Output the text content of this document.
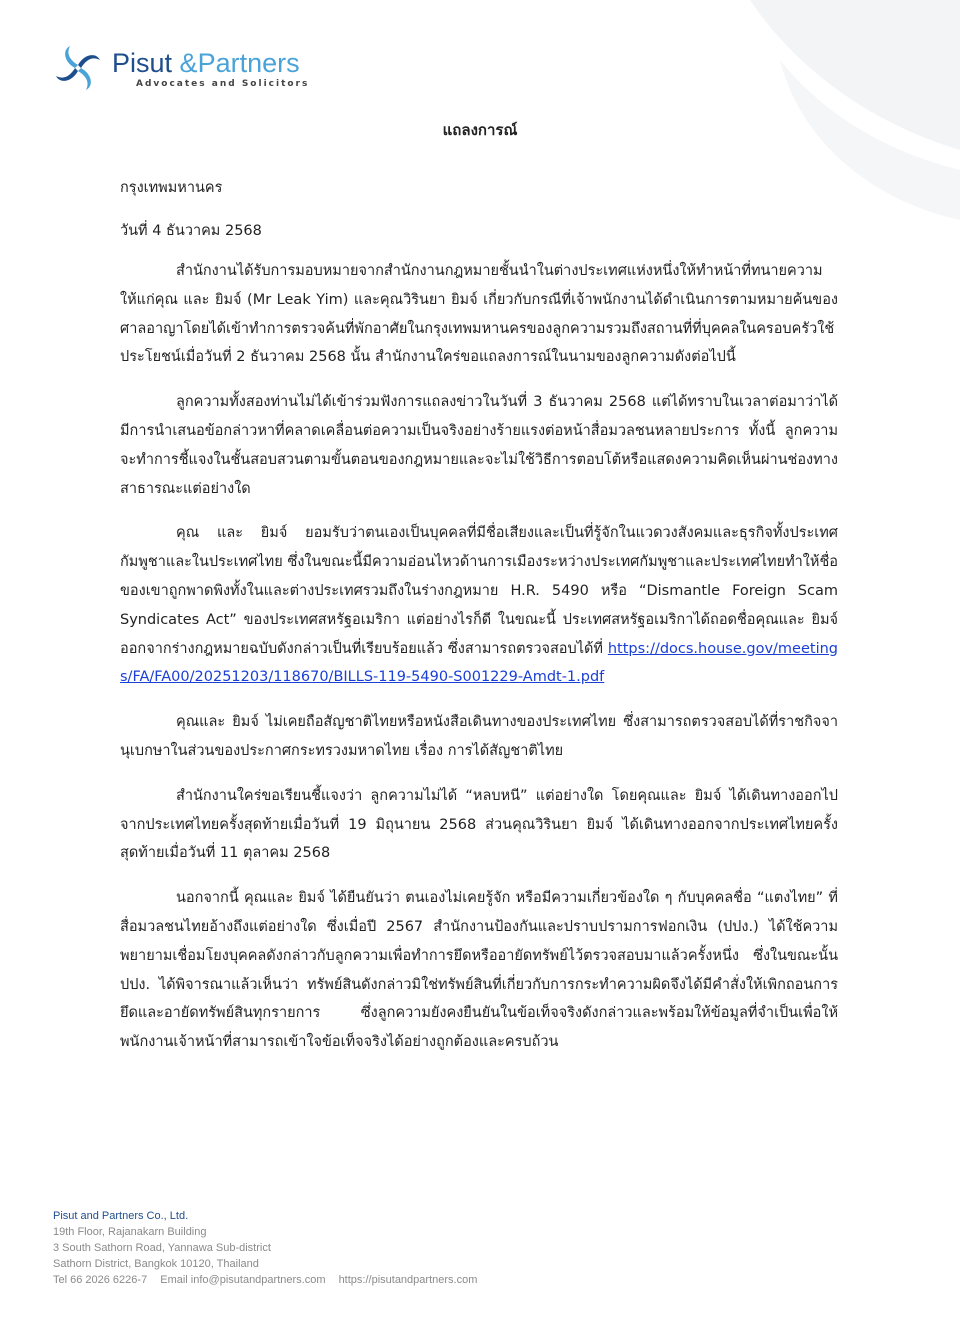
Pisut &Partners
Advocates and Solicitors
แถลงการณ์
กรุงเทพมหานคร
วันที่ 4 ธันวาคม 2568

สำนักงานได้รับการมอบหมายจากสำนักงานกฎหมายชั้นนำในต่างประเทศแห่งหนึ่งให้ทำหน้าที่ทนายความให้แก่คุณ และ ยิมจ์ (Mr Leak Yim) และคุณวิรินยา ยิมจ์ เกี่ยวกับกรณีที่เจ้าพนักงานได้ดำเนินการตามหมายค้นของศาลอาญาโดยได้เข้าทำการตรวจค้นที่พักอาศัยในกรุงเทพมหานครของลูกความรวมถึงสถานที่ที่บุคคลในครอบครัวใช้ประโยชน์เมื่อวันที่ 2 ธันวาคม 2568 นั้น สำนักงานใคร่ขอแถลงการณ์ในนามของลูกความดังต่อไปนี้

ลูกความทั้งสองท่านไม่ได้เข้าร่วมฟังการแถลงข่าวในวันที่ 3 ธันวาคม 2568 แต่ได้ทราบในเวลาต่อมาว่าได้มีการนำเสนอข้อกล่าวหาที่คลาดเคลื่อนต่อความเป็นจริงอย่างร้ายแรงต่อหน้าสื่อมวลชนหลายประการ ทั้งนี้ ลูกความจะทำการชี้แจงในชั้นสอบสวนตามขั้นตอนของกฎหมายและจะไม่ใช้วิธีการตอบโต้หรือแสดงความคิดเห็นผ่านช่องทางสาธารณะแต่อย่างใด

คุณ และ ยิมจ์ ยอมรับว่าตนเองเป็นบุคคลที่มีชื่อเสียงและเป็นที่รู้จักในแวดวงสังคมและธุรกิจทั้งประเทศกัมพูชาและในประเทศไทย ซึ่งในขณะนี้มีความอ่อนไหวด้านการเมืองระหว่างประเทศกัมพูชาและประเทศไทยทำให้ชื่อของเขาถูกพาดพิงทั้งในและต่างประเทศรวมถึงในร่างกฎหมาย H.R. 5490 หรือ “Dismantle Foreign Scam Syndicates Act” ของประเทศสหรัฐอเมริกา แต่อย่างไรก็ดี ในขณะนี้ ประเทศสหรัฐอเมริกาได้ถอดชื่อคุณและ ยิมจ์ ออกจากร่างกฎหมายฉบับดังกล่าวเป็นที่เรียบร้อยแล้ว ซึ่งสามารถตรวจสอบได้ที่ https://docs.house.gov/meetings/FA/FA00/20251203/118670/BILLS-119-5490-S001229-Amdt-1.pdf

คุณและ ยิมจ์ ไม่เคยถือสัญชาติไทยหรือหนังสือเดินทางของประเทศไทย ซึ่งสามารถตรวจสอบได้ที่ราชกิจจานุเบกษาในส่วนของประกาศกระทรวงมหาดไทย เรื่อง การได้สัญชาติไทย

สำนักงานใคร่ขอเรียนชี้แจงว่า ลูกความไม่ได้ “หลบหนี” แต่อย่างใด โดยคุณและ ยิมจ์ ได้เดินทางออกไปจากประเทศไทยครั้งสุดท้ายเมื่อวันที่ 19 มิถุนายน 2568 ส่วนคุณวิรินยา ยิมจ์ ได้เดินทางออกจากประเทศไทยครั้งสุดท้ายเมื่อวันที่ 11 ตุลาคม 2568

นอกจากนี้ คุณและ ยิมจ์ ได้ยืนยันว่า ตนเองไม่เคยรู้จัก หรือมีความเกี่ยวข้องใด ๆ กับบุคคลชื่อ “แตงไทย” ที่สื่อมวลชนไทยอ้างถึงแต่อย่างใด ซึ่งเมื่อปี 2567 สำนักงานป้องกันและปราบปรามการฟอกเงิน (ปปง.) ได้ใช้ความพยายามเชื่อมโยงบุคคลดังกล่าวกับลูกความเพื่อทำการยึดหรืออายัดทรัพย์ไว้ตรวจสอบมาแล้วครั้งหนึ่ง ซึ่งในขณะนั้น ปปง. ได้พิจารณาแล้วเห็นว่า ทรัพย์สินดังกล่าวมิใช่ทรัพย์สินที่เกี่ยวกับการกระทำความผิดจึงได้มีคำสั่งให้เพิกถอนการยึดและอายัดทรัพย์สินทุกรายการ ซึ่งลูกความยังคงยืนยันในข้อเท็จจริงดังกล่าวและพร้อมให้ข้อมูลที่จำเป็นเพื่อให้พนักงานเจ้าหน้าที่สามารถเข้าใจข้อเท็จจริงได้อย่างถูกต้องและครบถ้วน

Pisut and Partners Co., Ltd.
19th Floor, Rajanakarn Building
3 South Sathorn Road, Yannawa Sub-district
Sathorn District, Bangkok 10120, Thailand
Tel 66 2026 6226-7 Email info@pisutandpartners.com https://pisutandpartners.com
